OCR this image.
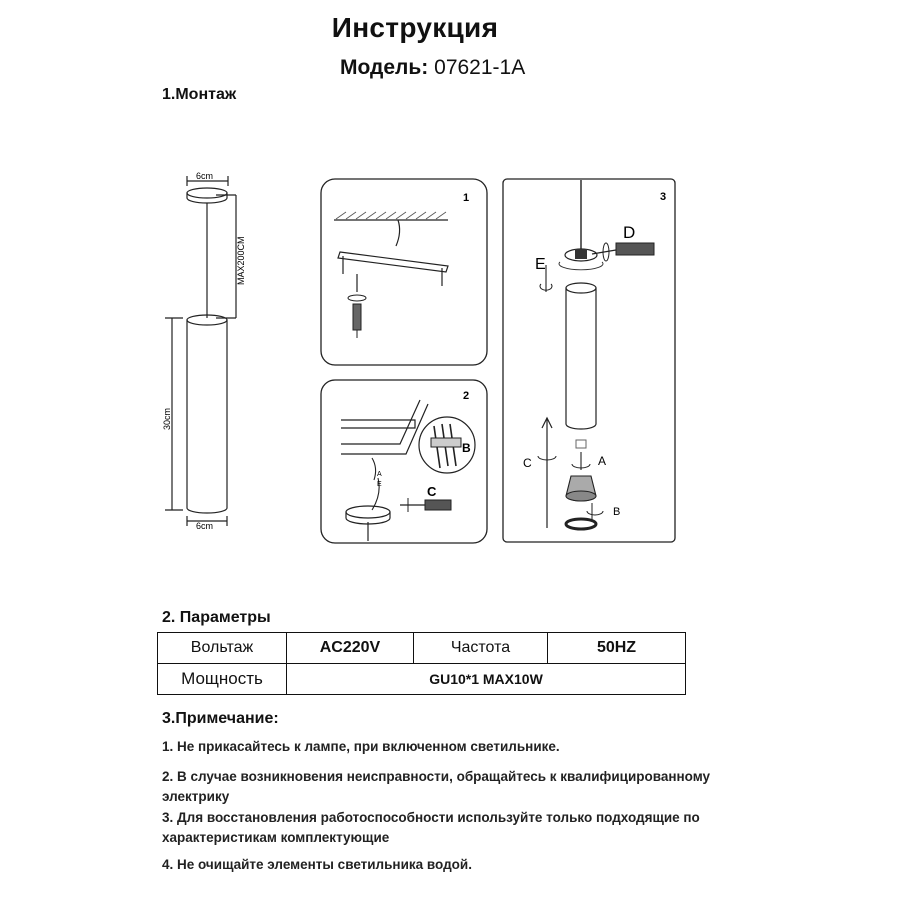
Инструкция
Модель: 07621-1A
1.Монтаж
6cm
MAX200CM
30cm
6cm
1
2
A
E
B
C
3
D
E
C	A
B
2. Параметры
Вольтаж	AC220V	Частота	50HZ
Мощность	GU10*1 MAX10W		
3.Примечание:
1. Не прикасайтесь к лампе, при включенном светильнике.
2. В случае возникновения неисправности, обращайтесь к квалифицированному электрику
3. Для восстановления работоспособности используйте только подходящие по характеристикам комплектующие
4. Не очищайте элементы светильника водой.
